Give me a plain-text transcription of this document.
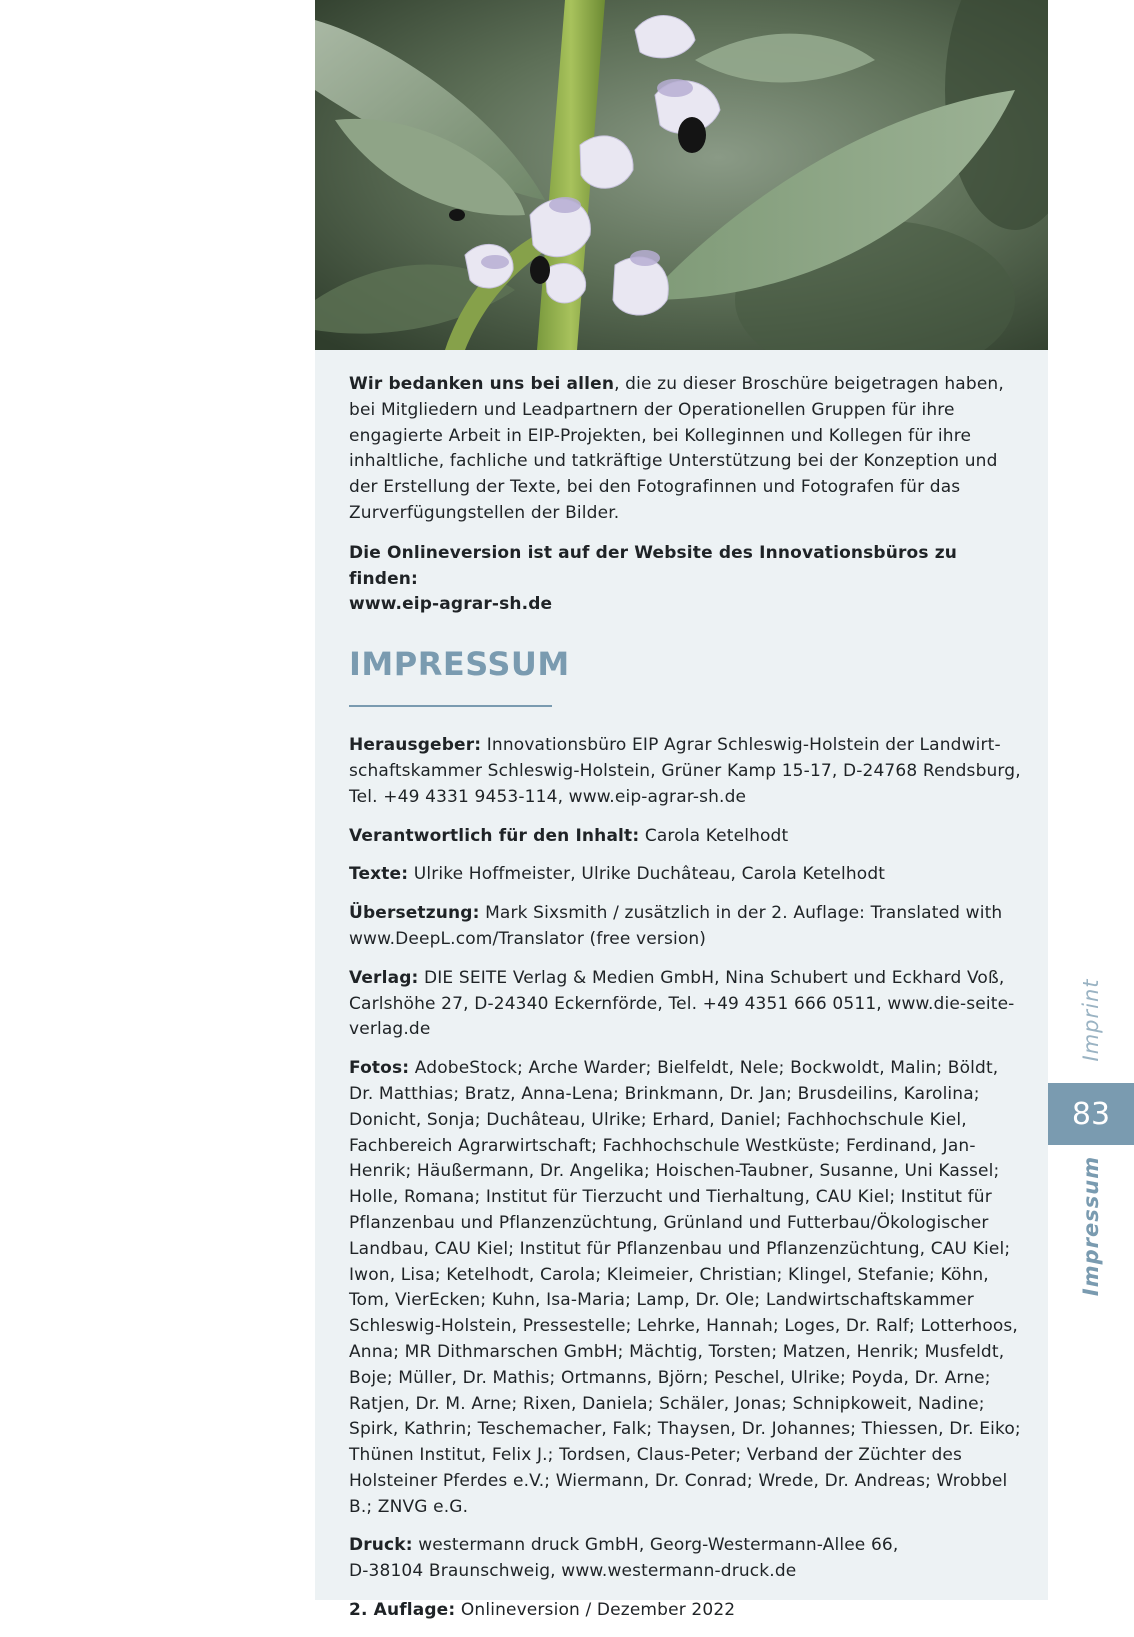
Wir bedanken uns bei allen, die zu dieser Broschüre beigetragen haben, bei Mitgliedern und Leadpartnern der Operationellen Gruppen für ihre engagierte Arbeit in EIP-Projekten, bei Kolleginnen und Kollegen für ihre inhaltliche, fachliche und tatkräftige Unterstützung bei der Konzeption und der Erstellung der Texte, bei den Fotografinnen und Fotografen für das Zurverfügungstellen der Bilder.

Die Onlineversion ist auf der Website des Innovationsbüros zu finden:
www.eip-agrar-sh.de

IMPRESSUM

Herausgeber: Innovationsbüro EIP Agrar Schleswig-Holstein der Landwirt-
schaftskammer Schleswig-Holstein, Grüner Kamp 15-17, D-24768 Rendsburg,
Tel. +49 4331 9453-114, www.eip-agrar-sh.de

Verantwortlich für den Inhalt: Carola Ketelhodt

Texte: Ulrike Hoffmeister, Ulrike Duchâteau, Carola Ketelhodt

Übersetzung: Mark Sixsmith / zusätzlich in der 2. Auflage: Translated with
www.DeepL.com/Translator (free version)

Verlag: DIE SEITE Verlag & Medien GmbH, Nina Schubert und Eckhard Voß,
Carlshöhe 27, D-24340 Eckernförde, Tel. +49 4351 666 0511, www.die-seite-verlag.de

Fotos: AdobeStock; Arche Warder; Bielfeldt, Nele; Bockwoldt, Malin; Böldt, Dr. Matthias; Bratz, Anna-Lena; Brinkmann, Dr. Jan; Brusdeilins, Karolina; Donicht, Sonja; Duchâteau, Ulrike; Erhard, Daniel; Fachhochschule Kiel, Fachbereich Agrarwirtschaft; Fachhochschule Westküste; Ferdinand, Jan-Henrik; Häußermann, Dr. Angelika; Hoischen-Taubner, Susanne, Uni Kassel; Holle, Romana; Institut für Tierzucht und Tierhaltung, CAU Kiel; Institut für Pflanzenbau und Pflanzenzüchtung, Grünland und Futterbau/Ökologischer Landbau, CAU Kiel; Institut für Pflanzenbau und Pflanzenzüchtung, CAU Kiel; Iwon, Lisa; Ketelhodt, Carola; Kleimeier, Christian; Klingel, Stefanie; Köhn, Tom, VierEcken; Kuhn, Isa-Maria; Lamp, Dr. Ole; Landwirtschaftskammer Schleswig-Holstein, Pressestelle; Lehrke, Hannah; Loges, Dr. Ralf; Lotterhoos, Anna; MR Dithmarschen GmbH; Mächtig, Torsten; Matzen, Henrik; Musfeldt, Boje; Müller, Dr. Mathis; Ortmanns, Björn; Peschel, Ulrike; Poyda, Dr. Arne; Ratjen, Dr. M. Arne; Rixen, Daniela; Schäler, Jonas; Schnipkoweit, Nadine; Spirk, Kathrin; Teschemacher, Falk; Thaysen, Dr. Johannes; Thiessen, Dr. Eiko; Thünen Institut, Felix J.; Tordsen, Claus-Peter; Verband der Züchter des Holsteiner Pferdes e.V.; Wiermann, Dr. Conrad; Wrede, Dr. Andreas; Wrobbel B.; ZNVG e.G.

Druck: westermann druck GmbH, Georg-Westermann-Allee 66,
D-38104 Braunschweig, www.westermann-druck.de

2. Auflage: Onlineversion / Dezember 2022

Imprint
83
Impressum
